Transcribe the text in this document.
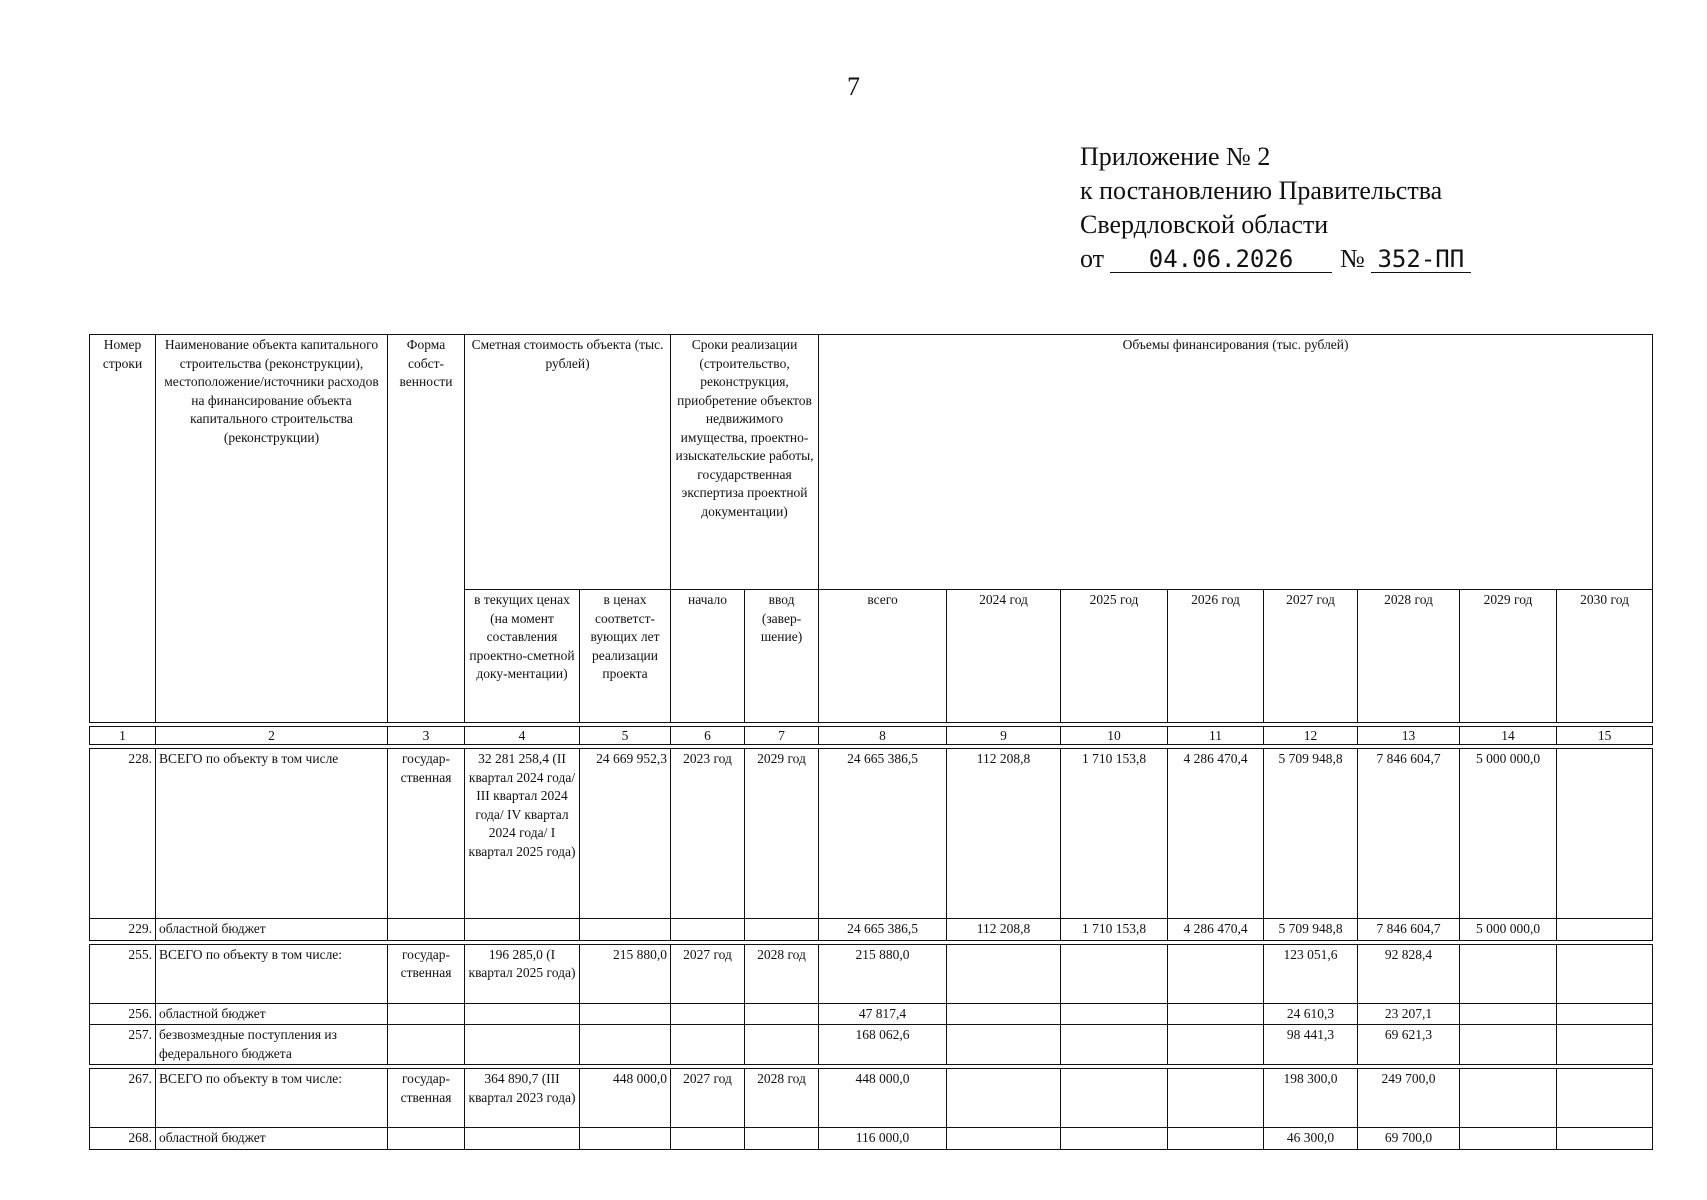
7
Приложение № 2
к постановлению Правительства
Свердловской области
от 04.06.2026 № 352-ПП
Номер строки	Наименование объекта капитального строительства (реконструкции), местоположение/источники расходов на финансирование объекта капитального строительства (реконструкции)	Форма собст-венности	Сметная стоимость объекта (тыс. рублей)		Сроки реализации (строительство, реконструкция, приобретение объектов недвижимого имущества, проектно-изыскательские работы, государственная экспертиза проектной документации)		Объемы финансирования (тыс. рублей)							
			в текущих ценах (на момент составления проектно-сметной доку-ментации)	в ценах соответст-вующих лет реализации проекта	начало	ввод (завер-шение)	всего	2024 год	2025 год	2026 год	2027 год	2028 год	2029 год	2030 год

1	2	3	4	5	6	7	8	9	10	11	12	13	14	15

228.	ВСЕГО по объекту в том числе	государ-ственная	32 281 258,4 (II квартал 2024 года/ III квартал 2024 года/ IV квартал 2024 года/ I квартал 2025 года)	24 669 952,3	2023 год	2029 год	24 665 386,5	112 208,8	1 710 153,8	4 286 470,4	5 709 948,8	7 846 604,7	5 000 000,0	
229.	областной бюджет						24 665 386,5	112 208,8	1 710 153,8	4 286 470,4	5 709 948,8	7 846 604,7	5 000 000,0	

255.	ВСЕГО по объекту в том числе:	государ-ственная	196 285,0 (I квартал 2025 года)	215 880,0	2027 год	2028 год	215 880,0				123 051,6	92 828,4		
256.	областной бюджет						47 817,4				24 610,3	23 207,1		
257.	безвозмездные поступления из федерального бюджета						168 062,6				98 441,3	69 621,3		

267.	ВСЕГО по объекту в том числе:	государ-ственная	364 890,7 (III квартал 2023 года)	448 000,0	2027 год	2028 год	448 000,0				198 300,0	249 700,0		
268.	областной бюджет						116 000,0				46 300,0	69 700,0		
